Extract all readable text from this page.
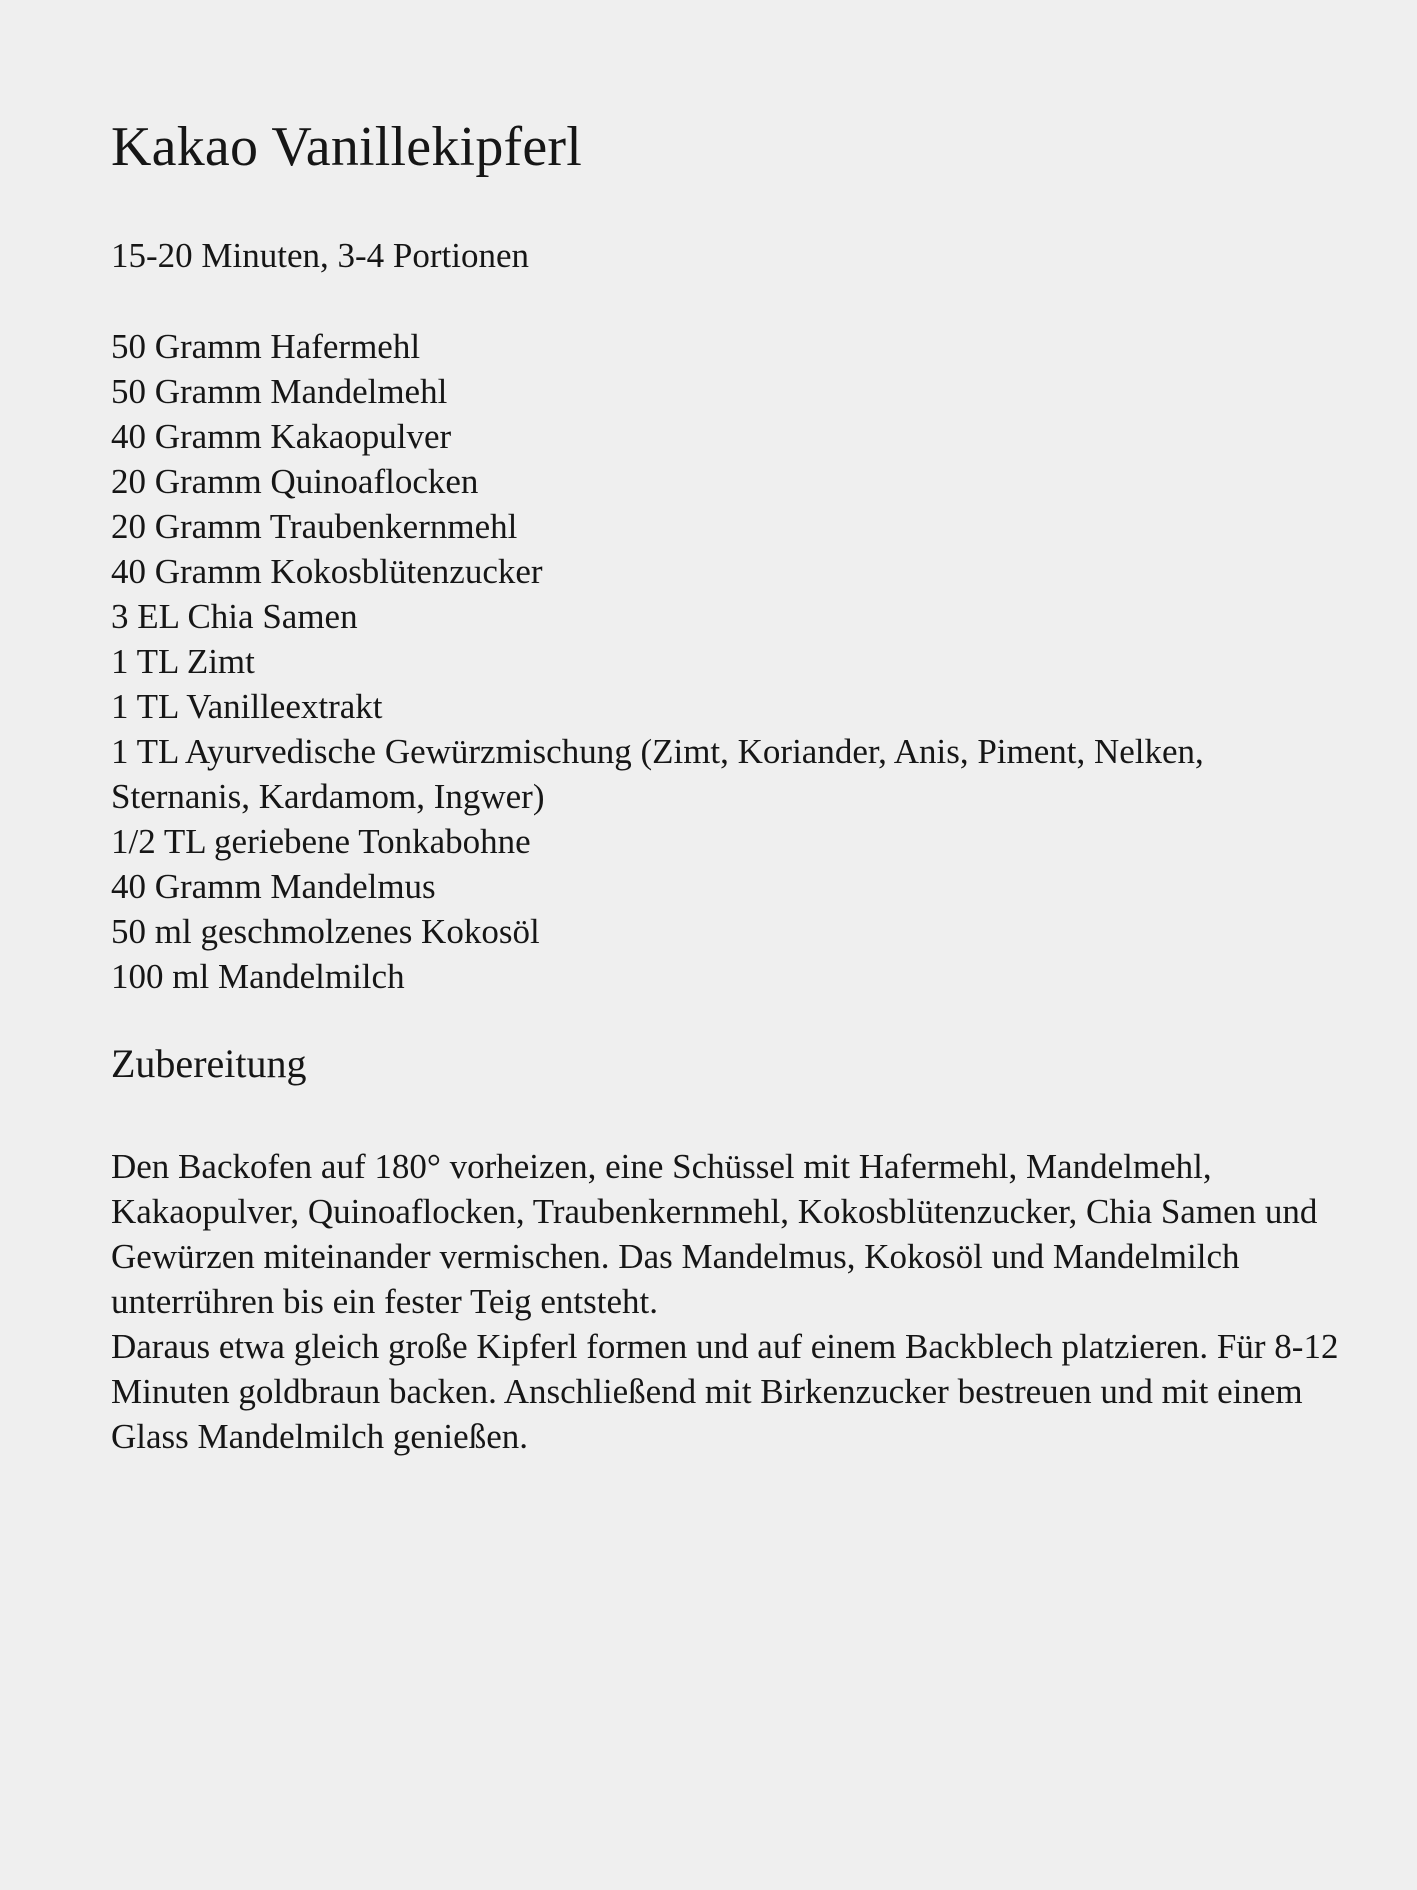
Kakao Vanillekipferl
15-20 Minuten, 3-4 Portionen
50 Gramm Hafermehl
50 Gramm Mandelmehl
40 Gramm Kakaopulver
20 Gramm Quinoaflocken
20 Gramm Traubenkernmehl
40 Gramm Kokosblütenzucker
3 EL Chia Samen
1 TL Zimt
1 TL Vanilleextrakt
1 TL Ayurvedische Gewürzmischung (Zimt, Koriander, Anis, Piment, Nelken, Sternanis, Kardamom, Ingwer)
1/2 TL geriebene Tonkabohne
40 Gramm Mandelmus
50 ml geschmolzenes Kokosöl
100 ml Mandelmilch
Zubereitung

Den Backofen auf 180° vorheizen, eine Schüssel mit Hafermehl, Mandelmehl, Kakaopulver, Quinoaflocken, Traubenkernmehl, Kokosblütenzucker, Chia Samen und Gewürzen miteinander vermischen. Das Mandelmus, Kokosöl und Mandelmilch unterrühren bis ein fester Teig entsteht.

Daraus etwa gleich große Kipferl formen und auf einem Backblech platzieren. Für 8-12 Minuten goldbraun backen. Anschließend mit Birkenzucker bestreuen und mit einem Glass Mandelmilch genießen.
